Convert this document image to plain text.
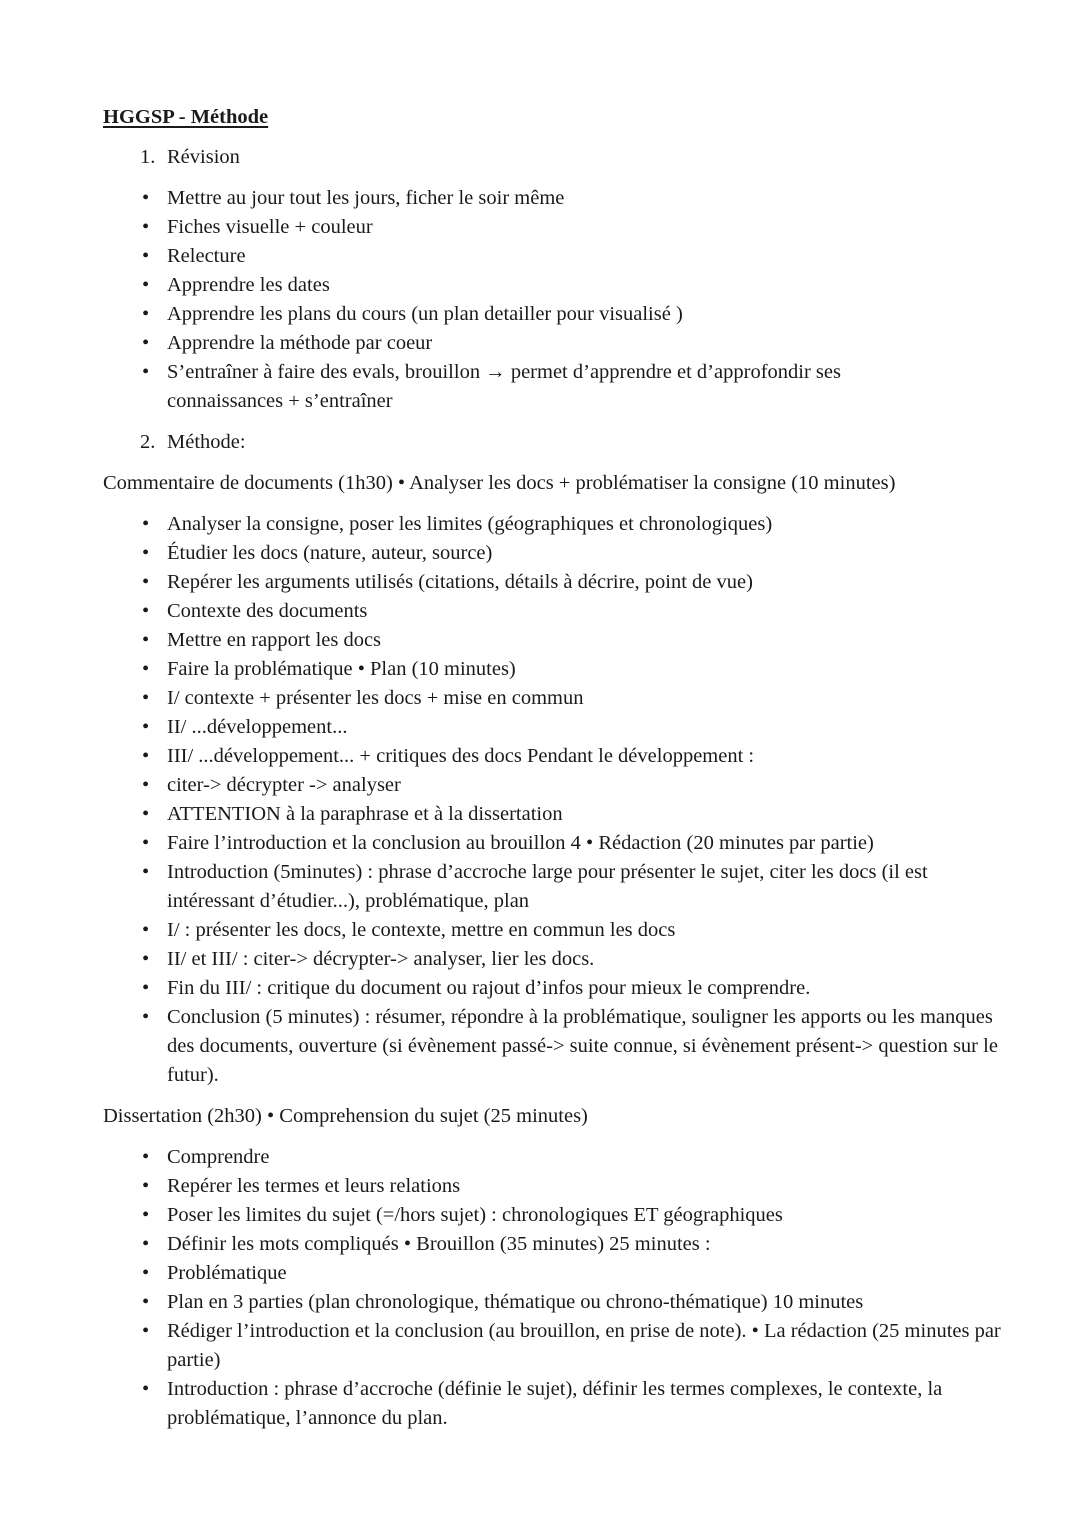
HGGSP - Méthode
1. Révision
• Mettre au jour tout les jours, ficher le soir même
• Fiches visuelle + couleur
• Relecture
• Apprendre les dates
• Apprendre les plans du cours (un plan detailler pour visualisé )
• Apprendre la méthode par coeur
• S’entraîner à faire des evals, brouillon → permet d’apprendre et d’approfondir ses connaissances + s’entraîner
2. Méthode:

Commentaire de documents (1h30) • Analyser les docs + problématiser la consigne (10 minutes)

• Analyser la consigne, poser les limites (géographiques et chronologiques)
• Étudier les docs (nature, auteur, source)
• Repérer les arguments utilisés (citations, détails à décrire, point de vue)
• Contexte des documents
• Mettre en rapport les docs
• Faire la problématique • Plan (10 minutes)
• I/ contexte + présenter les docs + mise en commun
• II/ ...développement...
• III/ ...développement... + critiques des docs Pendant le développement :
• citer-> décrypter -> analyser
• ATTENTION à la paraphrase et à la dissertation
• Faire l’introduction et la conclusion au brouillon 4 • Rédaction (20 minutes par partie)
• Introduction (5minutes) : phrase d’accroche large pour présenter le sujet, citer les docs (il est intéressant d’étudier...), problématique, plan
• I/ : présenter les docs, le contexte, mettre en commun les docs
• II/ et III/ : citer-> décrypter-> analyser, lier les docs.
• Fin du III/ : critique du document ou rajout d’infos pour mieux le comprendre.
• Conclusion (5 minutes) : résumer, répondre à la problématique, souligner les apports ou les manques des documents, ouverture (si évènement passé-> suite connue, si évènement présent-> question sur le futur).

Dissertation (2h30) • Comprehension du sujet (25 minutes)

• Comprendre
• Repérer les termes et leurs relations
• Poser les limites du sujet (=/hors sujet) : chronologiques ET géographiques
• Définir les mots compliqués • Brouillon (35 minutes) 25 minutes :
• Problématique
• Plan en 3 parties (plan chronologique, thématique ou chrono-thématique) 10 minutes
• Rédiger l’introduction et la conclusion (au brouillon, en prise de note). • La rédaction (25 minutes par partie)
• Introduction : phrase d’accroche (définie le sujet), définir les termes complexes, le contexte, la problématique, l’annonce du plan.
